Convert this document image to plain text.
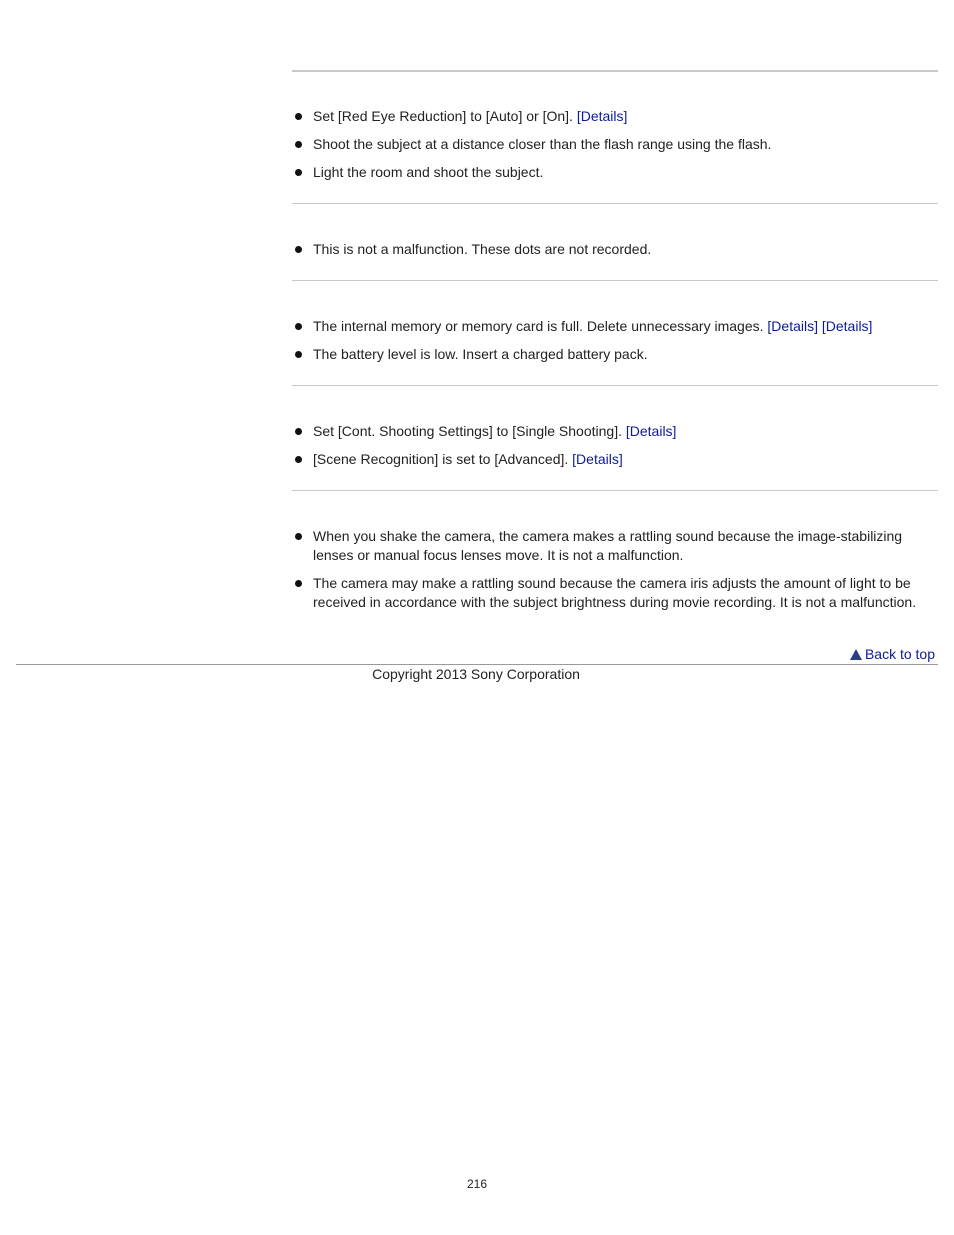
Set [Red Eye Reduction] to [Auto] or [On]. [Details]
Shoot the subject at a distance closer than the flash range using the flash.
Light the room and shoot the subject.
This is not a malfunction. These dots are not recorded.
The internal memory or memory card is full. Delete unnecessary images. [Details] [Details]
The battery level is low. Insert a charged battery pack.
Set [Cont. Shooting Settings] to [Single Shooting]. [Details]
[Scene Recognition] is set to [Advanced]. [Details]
When you shake the camera, the camera makes a rattling sound because the image-stabilizing lenses or manual focus lenses move. It is not a malfunction.
The camera may make a rattling sound because the camera iris adjusts the amount of light to be received in accordance with the subject brightness during movie recording. It is not a malfunction.
Back to top
Copyright 2013 Sony Corporation
216
